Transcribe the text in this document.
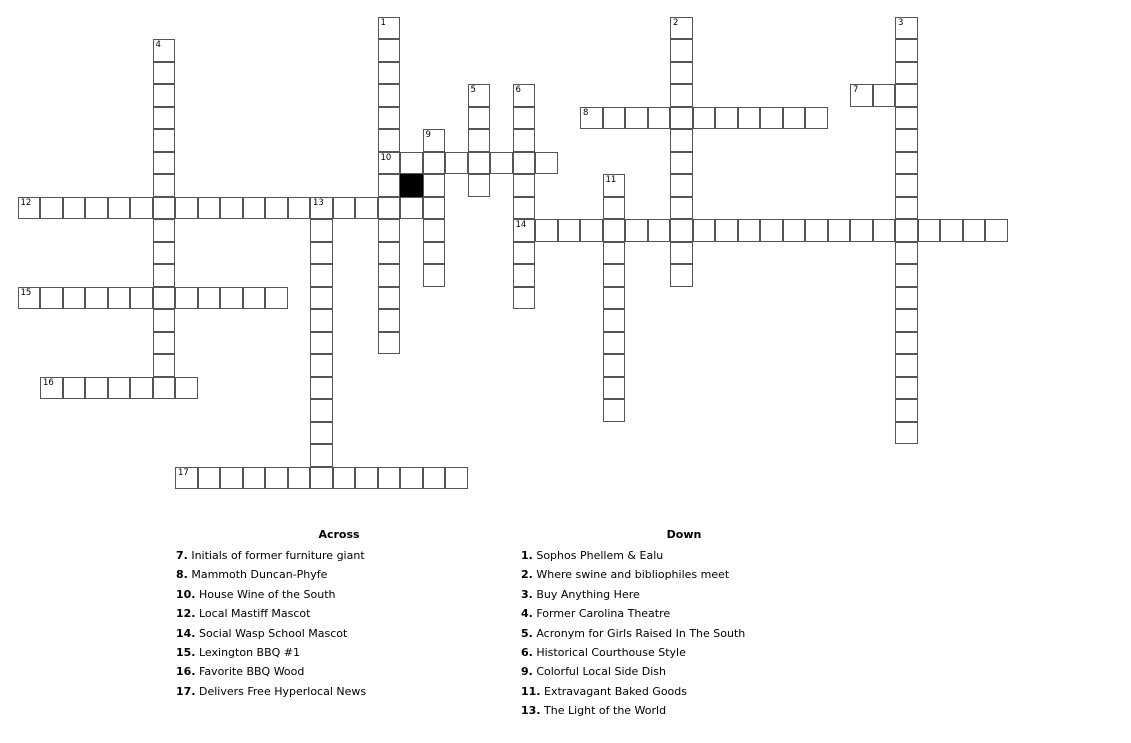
1
10
2	3
4
5	6
14
7
8
9
11
12	13
15
16
17
Across
7. Initials of former furniture giant
8. Mammoth Duncan-Phyfe
10. House Wine of the South
12. Local Mastiff Mascot
14. Social Wasp School Mascot
15. Lexington BBQ #1
16. Favorite BBQ Wood
17. Delivers Free Hyperlocal News
Down
1. Sophos Phellem & Ealu
2. Where swine and bibliophiles meet
3. Buy Anything Here
4. Former Carolina Theatre
5. Acronym for Girls Raised In The South
6. Historical Courthouse Style
9. Colorful Local Side Dish
11. Extravagant Baked Goods
13. The Light of the World
